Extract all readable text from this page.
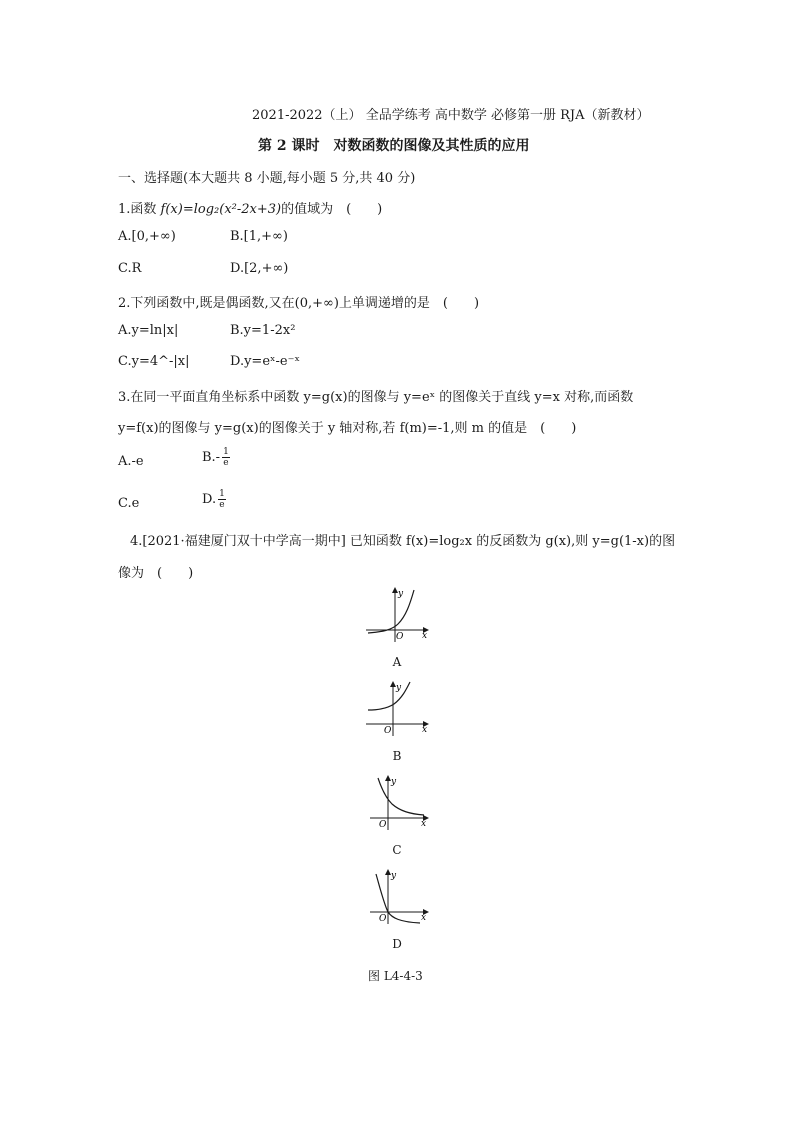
2021-2022（上） 全品学练考 高中数学 必修第一册 RJA（新教材）
第 2 课时　对数函数的图像及其性质的应用
一、选择题(本大题共 8 小题,每小题 5 分,共 40 分)
1.函数 f(x)=log₂(x²-2x+3)的值域为　(　　)
A.[0,+∞)	B.[1,+∞)
C.R	D.[2,+∞)
2.下列函数中,既是偶函数,又在(0,+∞)上单调递增的是　(　　)
A.y=ln|x|	B.y=1-2x²
C.y=4^-|x|	D.y=eˣ-e⁻ˣ
3.在同一平面直角坐标系中函数 y=g(x)的图像与 y=eˣ 的图像关于直线 y=x 对称,而函数
y=f(x)的图像与 y=g(x)的图像关于 y 轴对称,若 f(m)=-1,则 m 的值是　(　　)
A.-e	$B.- \frac{1}{e}$
C.e	D. $\frac{1}{e}$
4.[2021·福建厦门双十中学高一期中] 已知函数 f(x)=log₂x 的反函数为 g(x),则 y=g(1-x)的图
像为　(　　)
x
y
O
A
x
y
O
B
x
y
O
C
x
y
O
D
图 L4-4-3
